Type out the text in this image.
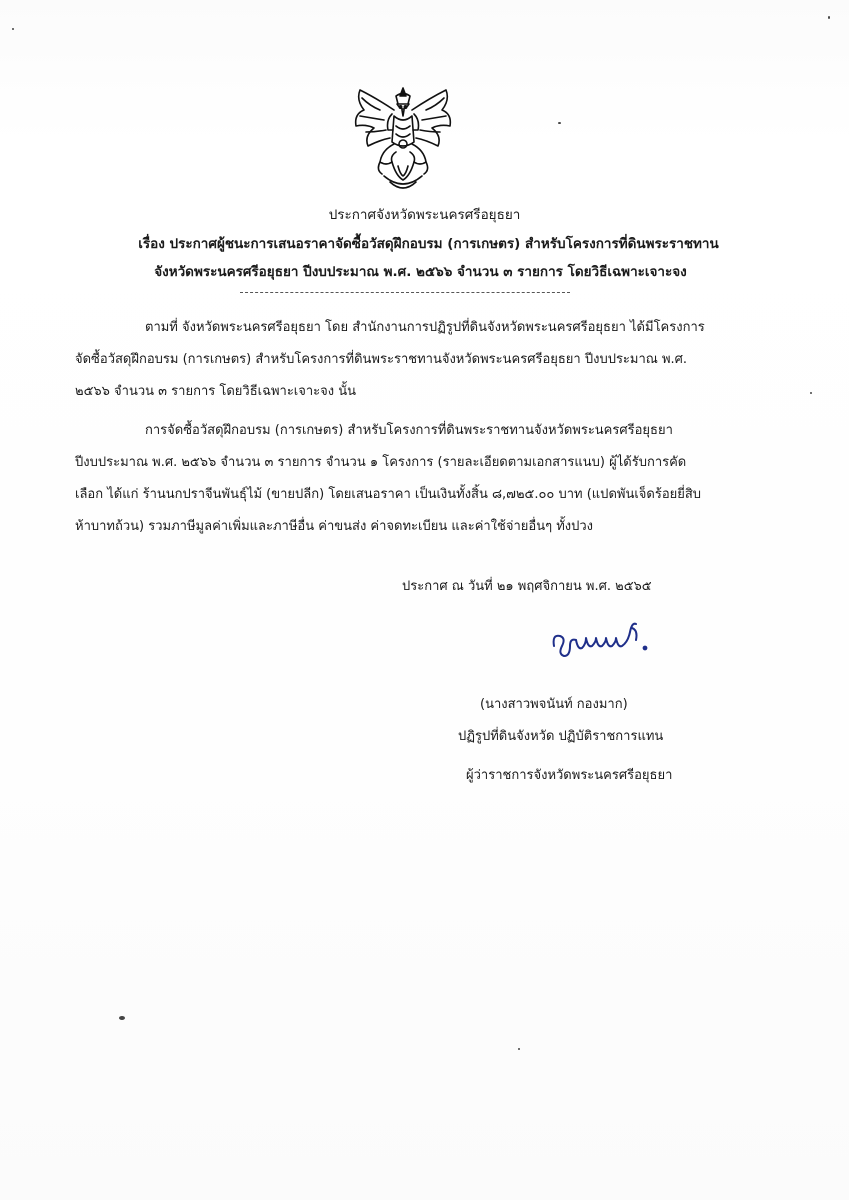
ประกาศจังหวัดพระนครศรีอยุธยา
เรื่อง ประกาศผู้ชนะการเสนอราคาจัดซื้อวัสดุฝึกอบรม (การเกษตร) สำหรับโครงการที่ดินพระราชทาน
จังหวัดพระนครศรีอยุธยา ปีงบประมาณ พ.ศ. ๒๕๖๖ จำนวน ๓ รายการ โดยวิธีเฉพาะเจาะจง
ตามที่ จังหวัดพระนครศรีอยุธยา โดย สำนักงานการปฏิรูปที่ดินจังหวัดพระนครศรีอยุธยา ได้มีโครงการ
จัดซื้อวัสดุฝึกอบรม (การเกษตร) สำหรับโครงการที่ดินพระราชทานจังหวัดพระนครศรีอยุธยา ปีงบประมาณ พ.ศ.
๒๕๖๖ จำนวน ๓ รายการ โดยวิธีเฉพาะเจาะจง นั้น
การจัดซื้อวัสดุฝึกอบรม (การเกษตร) สำหรับโครงการที่ดินพระราชทานจังหวัดพระนครศรีอยุธยา
ปีงบประมาณ พ.ศ. ๒๕๖๖ จำนวน ๓ รายการ จำนวน ๑ โครงการ (รายละเอียดตามเอกสารแนบ) ผู้ได้รับการคัด
เลือก ได้แก่ ร้านนกปราจีนพันธุ์ไม้ (ขายปลีก) โดยเสนอราคา เป็นเงินทั้งสิ้น ๘,๗๒๕.๐๐ บาท (แปดพันเจ็ดร้อยยี่สิบ
ห้าบาทถ้วน) รวมภาษีมูลค่าเพิ่มและภาษีอื่น ค่าขนส่ง ค่าจดทะเบียน และค่าใช้จ่ายอื่นๆ ทั้งปวง
ประกาศ ณ วันที่ ๒๑ พฤศจิกายน พ.ศ. ๒๕๖๕
(นางสาวพจนันท์ กองมาก)
ปฏิรูปที่ดินจังหวัด ปฏิบัติราชการแทน
ผู้ว่าราชการจังหวัดพระนครศรีอยุธยา
